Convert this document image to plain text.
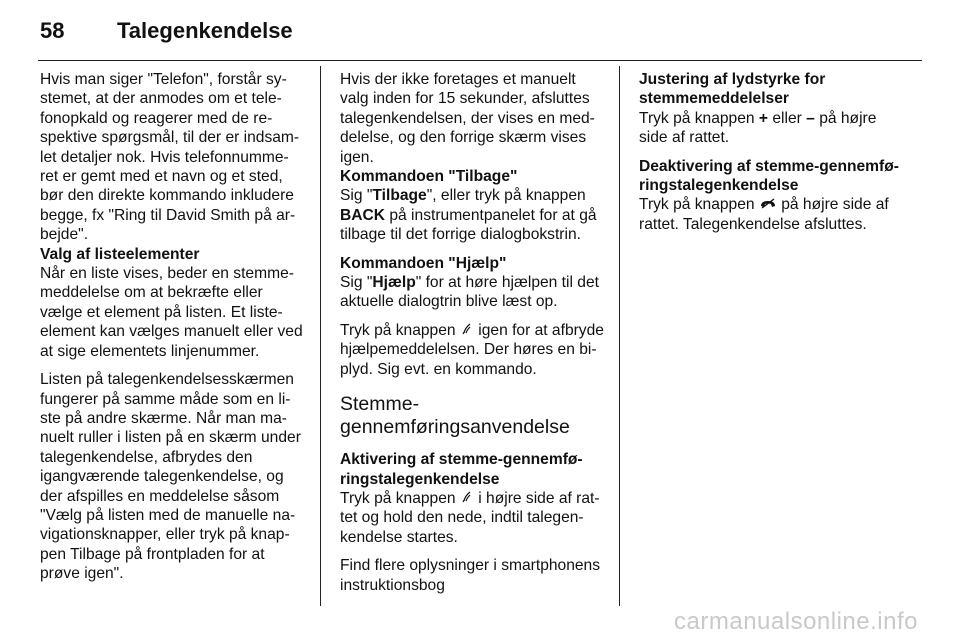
58	Talegenkendelse

Hvis man siger "Telefon", forstår sy-stemet, at der anmodes om et tele-fonopkald og reagerer med de re-spektive spørgsmål, til der er indsam-let detaljer nok. Hvis telefonnumme-ret er gemt med et navn og et sted, bør den direkte kommando inkludere begge, fx "Ring til David Smith på ar-bejde".

Valg af listeelementer

Når en liste vises, beder en stemme-meddelelse om at bekræfte eller vælge et element på listen. Et liste-element kan vælges manuelt eller ved at sige elementets linjenummer.

Listen på talegenkendelsesskærmen fungerer på samme måde som en li-ste på andre skærme. Når man ma-nuelt ruller i listen på en skærm under talegenkendelse, afbrydes den igangværende talegenkendelse, og der afspilles en meddelelse såsom "Vælg på listen med de manuelle na-vigationsknapper, eller tryk på knap-pen Tilbage på frontpladen for at prøve igen".

Hvis der ikke foretages et manuelt valg inden for 15 sekunder, afsluttes talegenkendelsen, der vises en med-delelse, og den forrige skærm vises igen.

Kommandoen "Tilbage"

Sig "Tilbage", eller tryk på knappen BACK på instrumentpanelet for at gå tilbage til det forrige dialogbokstrin.

Kommandoen "Hjælp"

Sig "Hjælp" for at høre hjælpen til det aktuelle dialogtrin blive læst op.

Tryk på knappen  igen for at afbryde hjælpemeddelelsen. Der høres en bi-plyd. Sig evt. en kommando.

Stemme-gennemføringsanvendelse

Aktivering af stemme-gennemfø-ringstalegenkendelse

Tryk på knappen  i højre side af rat-tet og hold den nede, indtil talegen-kendelse startes.

Find flere oplysninger i smartphonens instruktionsbog

Justering af lydstyrke for stemmemeddelelser

Tryk på knappen + eller – på højre side af rattet.

Deaktivering af stemme-gennemfø-ringstalegenkendelse

Tryk på knappen  på højre side af rattet. Talegenkendelse afsluttes.

carmanualsonline.info
